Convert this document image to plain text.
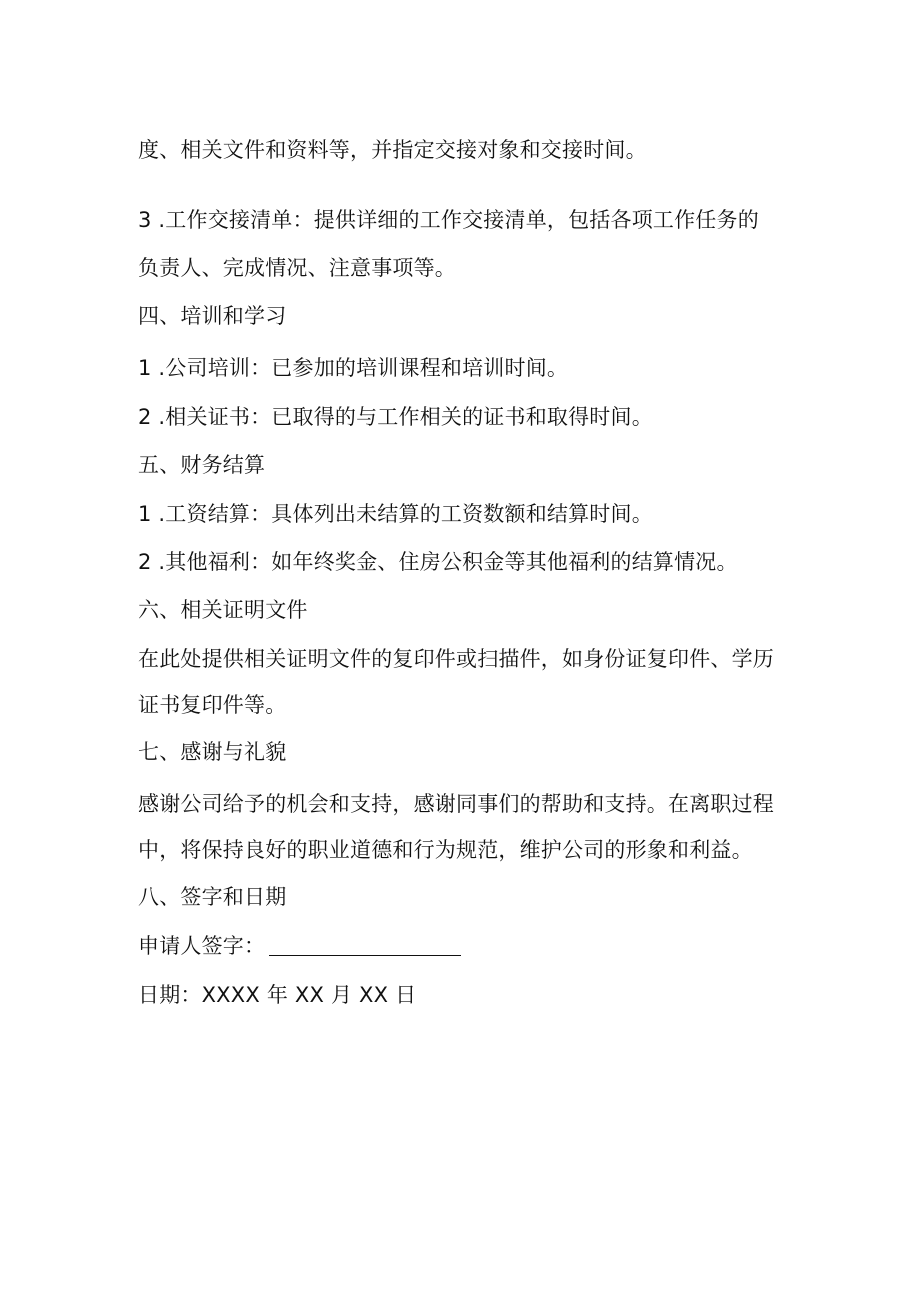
度、相关文件和资料等，并指定交接对象和交接时间。
3 .工作交接清单：提供详细的工作交接清单，包括各项工作任务的
负责人、完成情况、注意事项等。
四、培训和学习
1 .公司培训：已参加的培训课程和培训时间。
2 .相关证书：已取得的与工作相关的证书和取得时间。
五、财务结算
1 .工资结算：具体列出未结算的工资数额和结算时间。
2 .其他福利：如年终奖金、住房公积金等其他福利的结算情况。
六、相关证明文件
在此处提供相关证明文件的复印件或扫描件，如身份证复印件、学历
证书复印件等。
七、感谢与礼貌
感谢公司给予的机会和支持，感谢同事们的帮助和支持。在离职过程
中，将保持良好的职业道德和行为规范，维护公司的形象和利益。
八、签字和日期
申请人签字：
日期：XXXX 年 XX 月 XX 日
